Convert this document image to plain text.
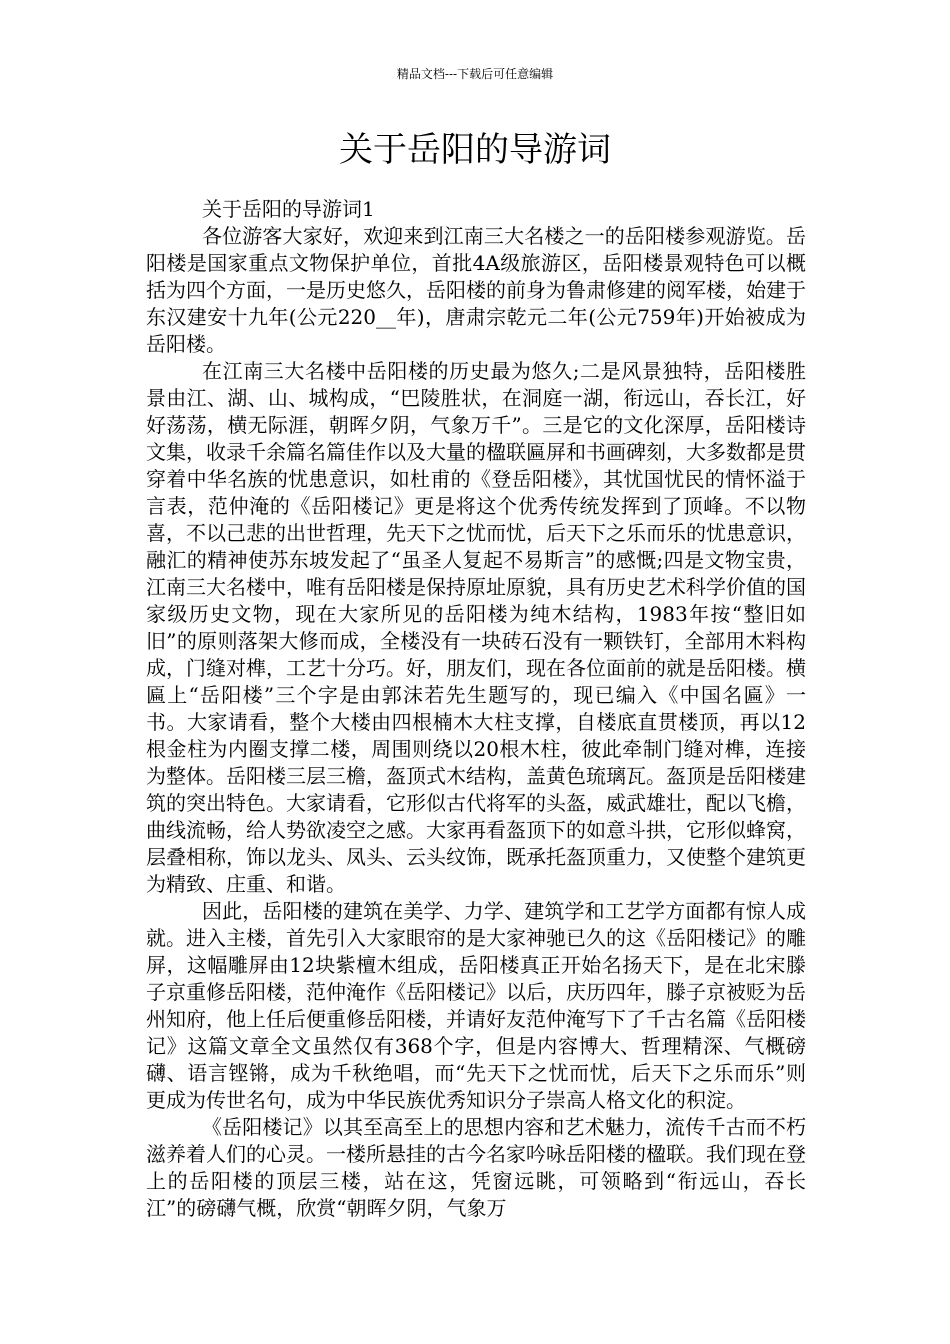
精品文档---下载后可任意编辑
关于岳阳的导游词

关于岳阳的导游词1

各位游客大家好，欢迎来到江南三大名楼之一的岳阳楼参观游览。岳阳楼是国家重点文物保护单位，首批4A级旅游区，岳阳楼景观特色可以概括为四个方面，一是历史悠久，岳阳楼的前身为鲁肃修建的阅军楼，始建于东汉建安十九年(公元220__年)，唐肃宗乾元二年(公元759年)开始被成为岳阳楼。

在江南三大名楼中岳阳楼的历史最为悠久;二是风景独特，岳阳楼胜景由江、湖、山、城构成，“巴陵胜状，在洞庭一湖，衔远山，吞长江，好好荡荡，横无际涯，朝晖夕阴，气象万千”。三是它的文化深厚，岳阳楼诗文集，收录千余篇名篇佳作以及大量的楹联匾屏和书画碑刻，大多数都是贯穿着中华名族的忧患意识，如杜甫的《登岳阳楼》，其忧国忧民的情怀溢于言表，范仲淹的《岳阳楼记》更是将这个优秀传统发挥到了顶峰。不以物喜，不以己悲的出世哲理，先天下之忧而忧，后天下之乐而乐的忧患意识，融汇的精神使苏东坡发起了“虽圣人复起不易斯言”的感慨;四是文物宝贵，江南三大名楼中，唯有岳阳楼是保持原址原貌，具有历史艺术科学价值的国家级历史文物，现在大家所见的岳阳楼为纯木结构，1983年按“整旧如旧”的原则落架大修而成，全楼没有一块砖石没有一颗铁钉，全部用木料构成，门缝对榫，工艺十分巧。好，朋友们，现在各位面前的就是岳阳楼。横匾上“岳阳楼”三个字是由郭沫若先生题写的，现已编入《中国名匾》一书。大家请看，整个大楼由四根楠木大柱支撑，自楼底直贯楼顶，再以12根金柱为内圈支撑二楼，周围则绕以20根木柱，彼此牵制门缝对榫，连接为整体。岳阳楼三层三檐，盔顶式木结构，盖黄色琉璃瓦。盔顶是岳阳楼建筑的突出特色。大家请看，它形似古代将军的头盔，威武雄壮，配以飞檐，曲线流畅，给人势欲凌空之感。大家再看盔顶下的如意斗拱，它形似蜂窝，层叠相称，饰以龙头、凤头、云头纹饰，既承托盔顶重力，又使整个建筑更为精致、庄重、和谐。

因此，岳阳楼的建筑在美学、力学、建筑学和工艺学方面都有惊人成就。进入主楼，首先引入大家眼帘的是大家神驰已久的这《岳阳楼记》的雕屏，这幅雕屏由12块紫檀木组成，岳阳楼真正开始名扬天下，是在北宋滕子京重修岳阳楼，范仲淹作《岳阳楼记》以后，庆历四年，滕子京被贬为岳州知府，他上任后便重修岳阳楼，并请好友范仲淹写下了千古名篇《岳阳楼记》这篇文章全文虽然仅有368个字，但是内容博大、哲理精深、气概磅礴、语言铿锵，成为千秋绝唱，而“先天下之忧而忧，后天下之乐而乐”则更成为传世名句，成为中华民族优秀知识分子崇高人格文化的积淀。

《岳阳楼记》以其至高至上的思想内容和艺术魅力，流传千古而不朽滋养着人们的心灵。一楼所悬挂的古今名家吟咏岳阳楼的楹联。我们现在登上的岳阳楼的顶层三楼，站在这，凭窗远眺，可领略到“衔远山，吞长江”的磅礴气概，欣赏“朝晖夕阴，气象万
